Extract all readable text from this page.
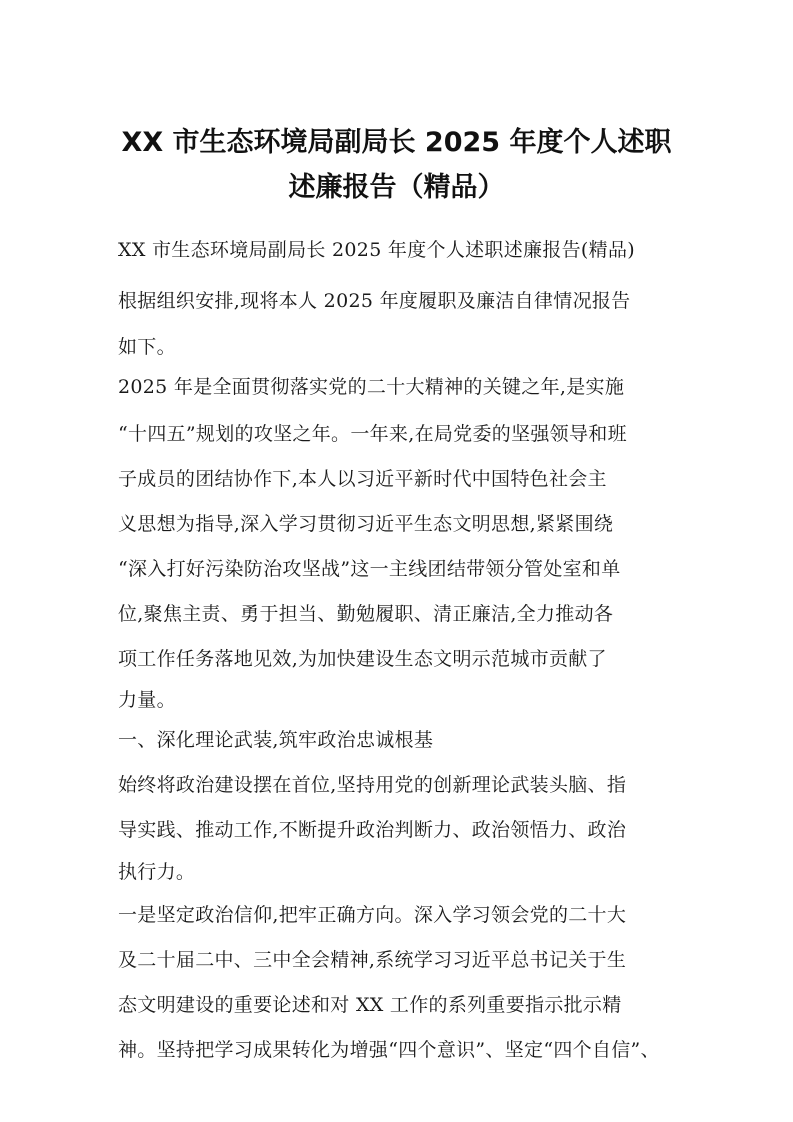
XX 市生态环境局副局长 2025 年度个人述职
述廉报告（精品）
XX 市生态环境局副局长 2025 年度个人述职述廉报告(精品)
根据组织安排,现将本人 2025 年度履职及廉洁自律情况报告
如下。
2025 年是全面贯彻落实党的二十大精神的关键之年,是实施
“十四五”规划的攻坚之年。一年来,在局党委的坚强领导和班
子成员的团结协作下,本人以习近平新时代中国特色社会主
义思想为指导,深入学习贯彻习近平生态文明思想,紧紧围绕
“深入打好污染防治攻坚战”这一主线团结带领分管处室和单
位,聚焦主责、勇于担当、勤勉履职、清正廉洁,全力推动各
项工作任务落地见效,为加快建设生态文明示范城市贡献了
力量。
一、深化理论武装,筑牢政治忠诚根基
始终将政治建设摆在首位,坚持用党的创新理论武装头脑、指
导实践、推动工作,不断提升政治判断力、政治领悟力、政治
执行力。
一是坚定政治信仰,把牢正确方向。深入学习领会党的二十大
及二十届二中、三中全会精神,系统学习习近平总书记关于生
态文明建设的重要论述和对 XX 工作的系列重要指示批示精
神。坚持把学习成果转化为增强“四个意识”、坚定“四个自信”、
